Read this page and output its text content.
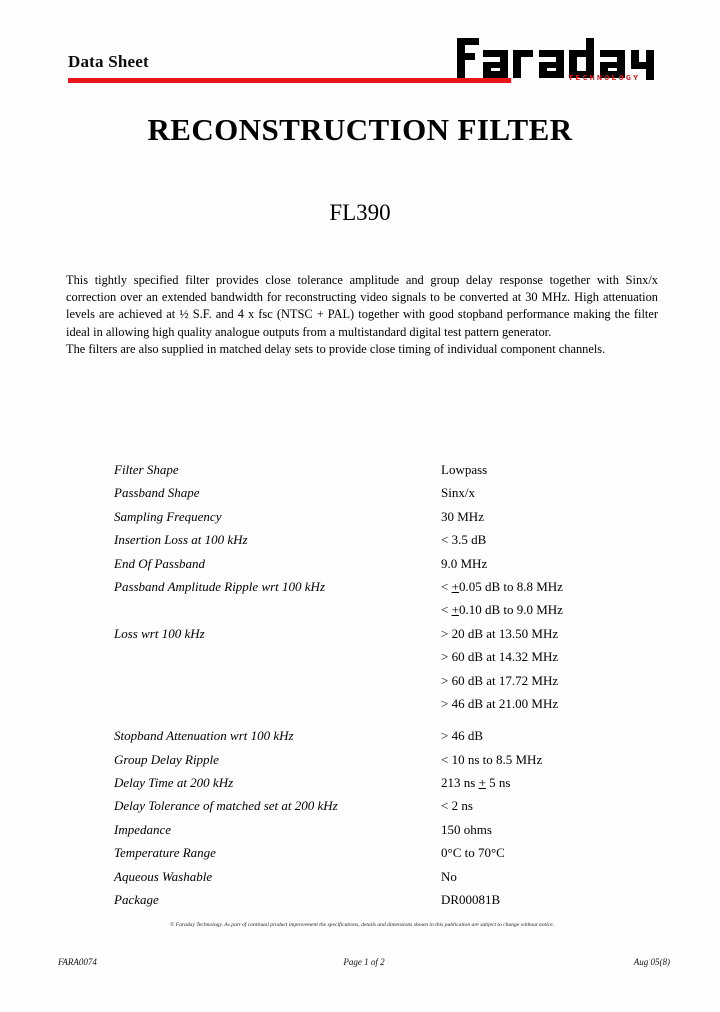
Data Sheet
TECHNOLOGY
RECONSTRUCTION FILTER
FL390

This tightly specified filter provides close tolerance amplitude and group delay response together with Sinx/x correction over an extended bandwidth for reconstructing video signals to be converted at 30 MHz. High attenuation levels are achieved at ½ S.F. and 4 x fsc (NTSC + PAL) together with good stopband performance making the filter ideal in allowing high quality analogue outputs from a multistandard digital test pattern generator.

The filters are also supplied in matched delay sets to provide close timing of individual component channels.

Filter Shape	Lowpass
Passband Shape	Sinx/x
Sampling Frequency	30 MHz
Insertion Loss at 100 kHz	< 3.5 dB
End Of Passband	9.0 MHz
Passband Amplitude Ripple wrt 100 kHz	< +0.05 dB to 8.8 MHz
< +0.10 dB to 9.0 MHz
Loss wrt 100 kHz	> 20 dB at 13.50 MHz
> 60 dB at 14.32 MHz
> 60 dB at 17.72 MHz
> 46 dB at 21.00 MHz
Stopband Attenuation wrt 100 kHz	> 46 dB
Group Delay Ripple	< 10 ns to 8.5 MHz
Delay Time at 200 kHz	213 ns + 5 ns
Delay Tolerance of matched set at 200 kHz	< 2 ns
Impedance	150 ohms
Temperature Range	0°C to 70°C
Aqueous Washable	No
Package	DR00081B
© Faraday Technology. As part of continual product improvement the specifications, details and dimensions shown in this publication are subject to change without notice.
Page 1 of 2
FARA0074	Aug 05(8)
